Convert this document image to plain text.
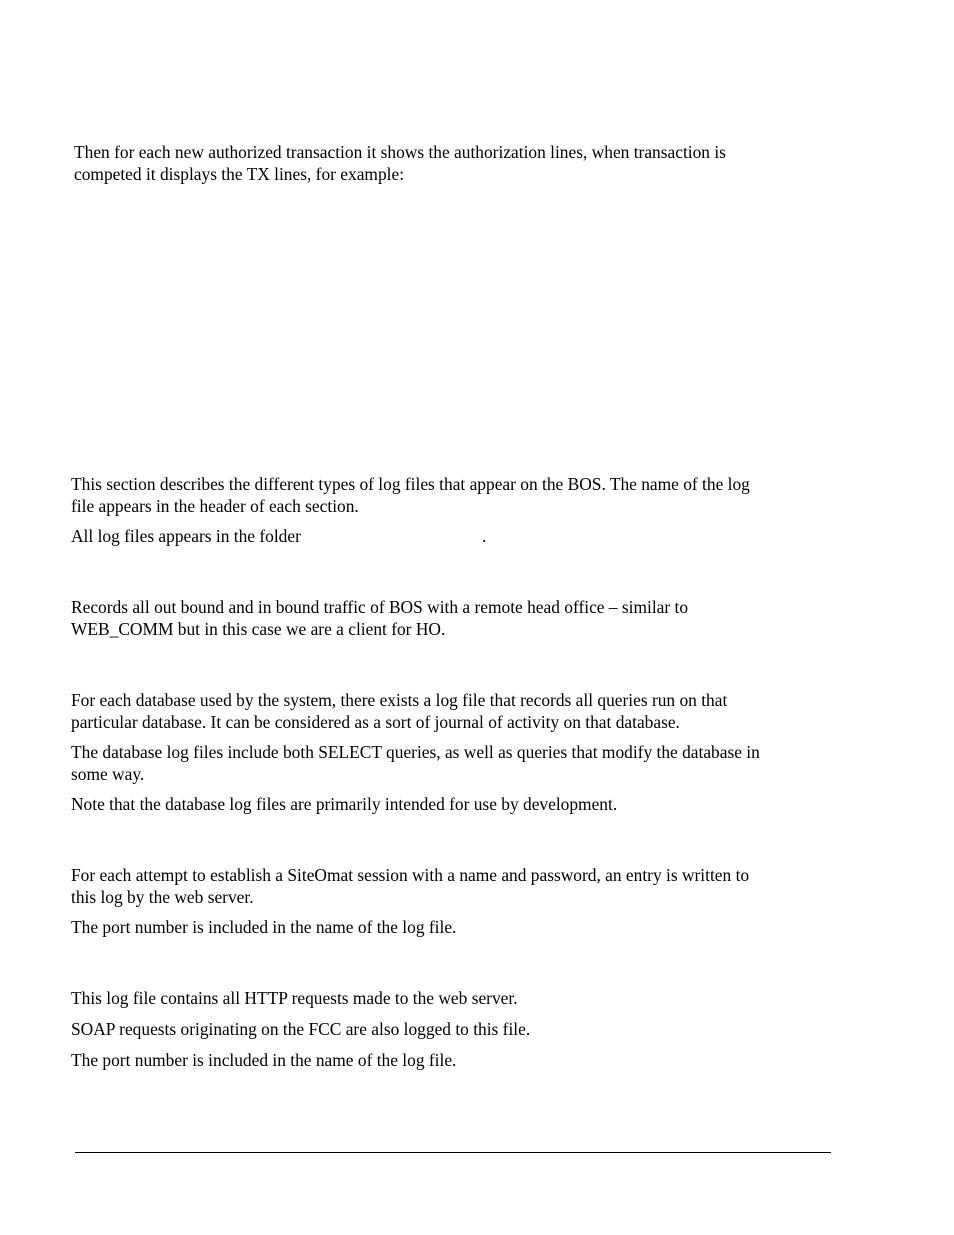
Then for each new authorized transaction it shows the authorization lines, when transaction is
competed it displays the TX lines, for example:

This section describes the different types of log files that appear on the BOS. The name of the log
file appears in the header of each section.

All log files appears in the folder	.

Records all out bound and in bound traffic of BOS with a remote head office – similar to
WEB_COMM but in this case we are a client for HO.

For each database used by the system, there exists a log file that records all queries run on that
particular database. It can be considered as a sort of journal of activity on that database.

The database log files include both SELECT queries, as well as queries that modify the database in
some way.

Note that the database log files are primarily intended for use by development.

For each attempt to establish a SiteOmat session with a name and password, an entry is written to
this log by the web server.

The port number is included in the name of the log file.

This log file contains all HTTP requests made to the web server.

SOAP requests originating on the FCC are also logged to this file.

The port number is included in the name of the log file.
